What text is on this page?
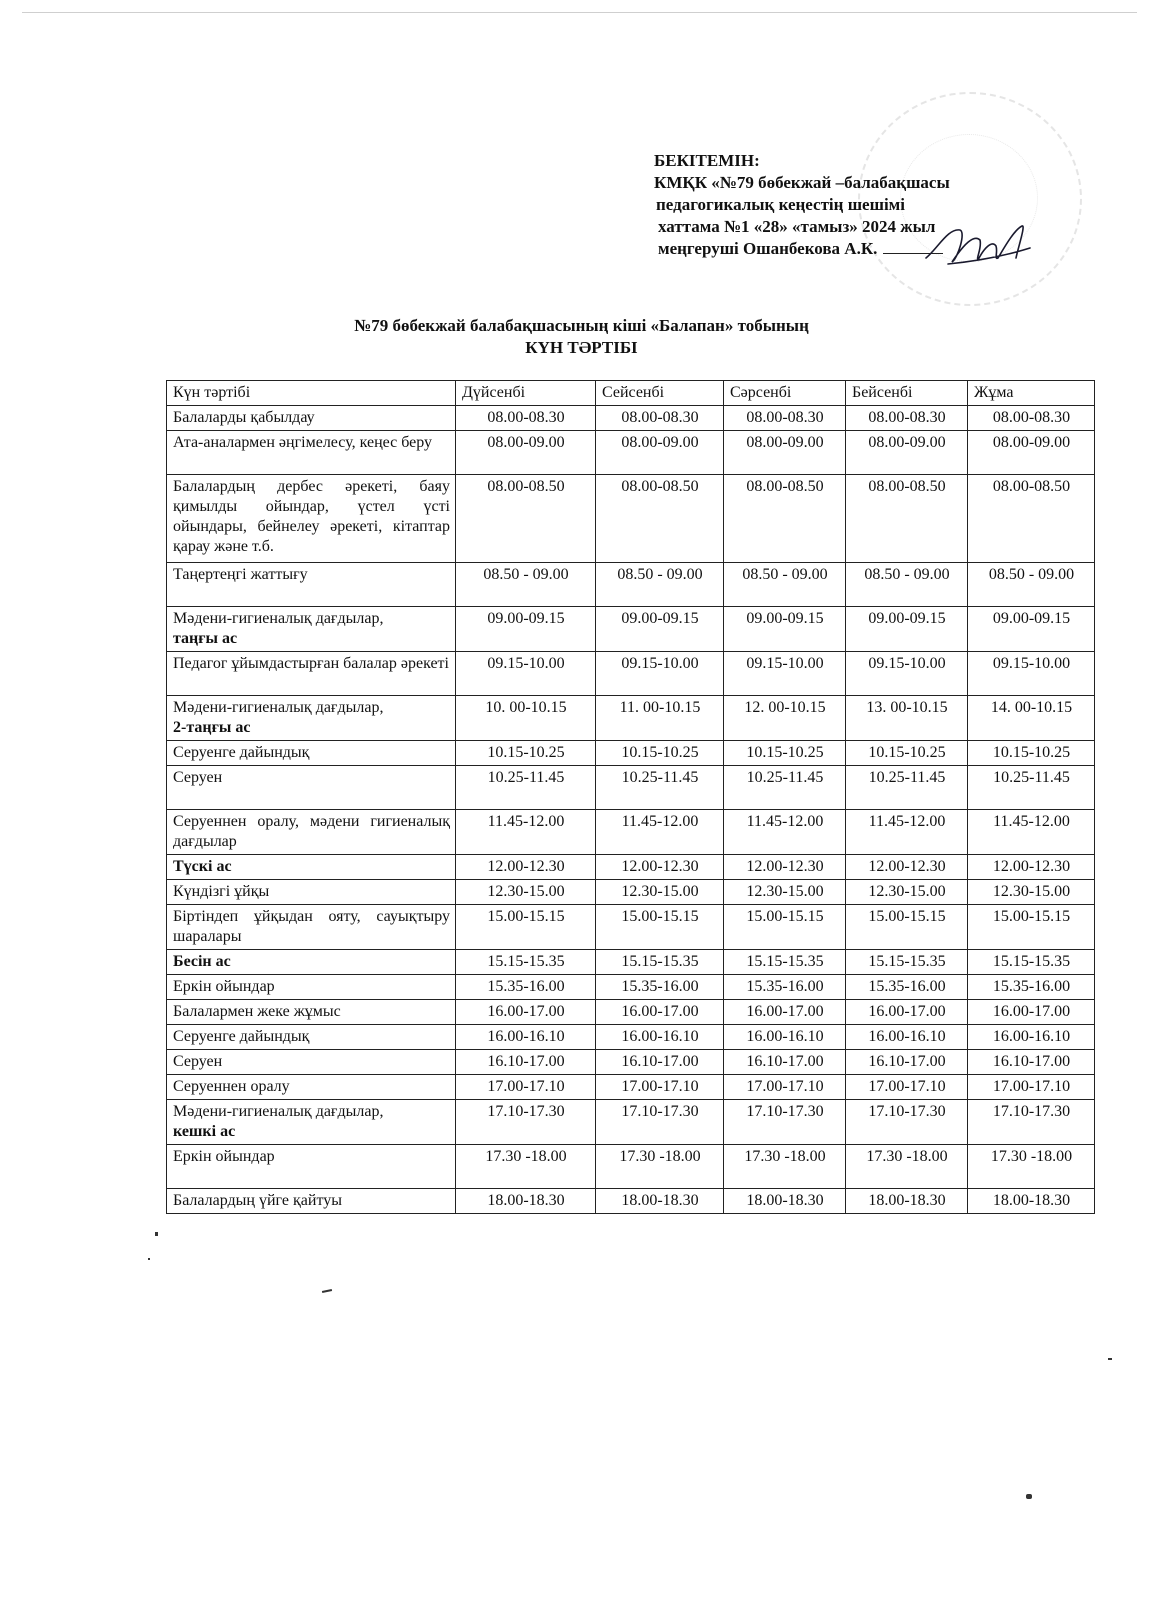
БЕКІТЕМІН:
КМҚК «№79 бөбекжай –балабақшасы
педагогикалық кеңестің шешімі
хаттама №1 «28» «тамыз» 2024 жыл
меңгеруші Ошанбекова А.К.
№79 бөбекжай балабақшасының кіші «Балапан» тобының
КҮН ТӘРТІБІ
Күн тәртібі	Дүйсенбі	Сейсенбі	Сәрсенбі	Бейсенбі	Жұма
Балаларды қабылдау	08.00-08.30	08.00-08.30	08.00-08.30	08.00-08.30	08.00-08.30
Ата-аналармен әңгімелесу, кеңес беру	08.00-09.00	08.00-09.00	08.00-09.00	08.00-09.00	08.00-09.00
Балалардың дербес әрекеті, баяу қимылды ойындар, үстел үсті ойындары, бейнелеу әрекеті, кітаптар қарау және т.б.	08.00-08.50	08.00-08.50	08.00-08.50	08.00-08.50	08.00-08.50
Таңертеңгі жаттығу	08.50 - 09.00	08.50 - 09.00	08.50 - 09.00	08.50 - 09.00	08.50 - 09.00
Мәдени-гигиеналық дағдылар,
таңғы ас	09.00-09.15	09.00-09.15	09.00-09.15	09.00-09.15	09.00-09.15
Педагог ұйымдастырған балалар әрекеті	09.15-10.00	09.15-10.00	09.15-10.00	09.15-10.00	09.15-10.00
Мәдени-гигиеналық дағдылар,
2-таңғы ас	10. 00-10.15	11. 00-10.15	12. 00-10.15	13. 00-10.15	14. 00-10.15
Серуенге дайындық	10.15-10.25	10.15-10.25	10.15-10.25	10.15-10.25	10.15-10.25
Серуен	10.25-11.45	10.25-11.45	10.25-11.45	10.25-11.45	10.25-11.45
Серуеннен оралу, мәдени гигиеналық дағдылар	11.45-12.00	11.45-12.00	11.45-12.00	11.45-12.00	11.45-12.00
Түскі ас	12.00-12.30	12.00-12.30	12.00-12.30	12.00-12.30	12.00-12.30
Күндізгі ұйқы	12.30-15.00	12.30-15.00	12.30-15.00	12.30-15.00	12.30-15.00
Біртіндеп ұйқыдан ояту, сауықтыру шаралары	15.00-15.15	15.00-15.15	15.00-15.15	15.00-15.15	15.00-15.15
Бесін ас	15.15-15.35	15.15-15.35	15.15-15.35	15.15-15.35	15.15-15.35
Еркін ойындар	15.35-16.00	15.35-16.00	15.35-16.00	15.35-16.00	15.35-16.00
Балалармен жеке жұмыс	16.00-17.00	16.00-17.00	16.00-17.00	16.00-17.00	16.00-17.00
Серуенге дайындық	16.00-16.10	16.00-16.10	16.00-16.10	16.00-16.10	16.00-16.10
Серуен	16.10-17.00	16.10-17.00	16.10-17.00	16.10-17.00	16.10-17.00
Серуеннен оралу	17.00-17.10	17.00-17.10	17.00-17.10	17.00-17.10	17.00-17.10
Мәдени-гигиеналық дағдылар,
кешкі ас	17.10-17.30	17.10-17.30	17.10-17.30	17.10-17.30	17.10-17.30
Еркін ойындар	17.30 -18.00	17.30 -18.00	17.30 -18.00	17.30 -18.00	17.30 -18.00
Балалардың үйге қайтуы	18.00-18.30	18.00-18.30	18.00-18.30	18.00-18.30	18.00-18.30
